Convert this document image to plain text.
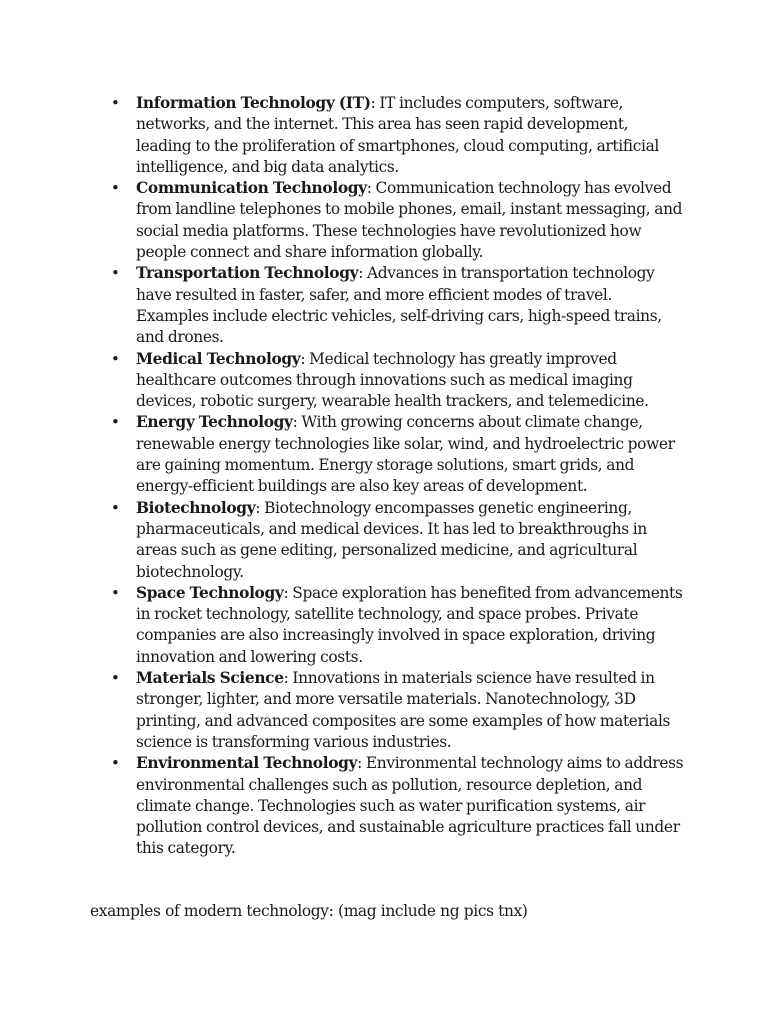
• Information Technology (IT): IT includes computers, software, networks, and the internet. This area has seen rapid development, leading to the proliferation of smartphones, cloud computing, artificial intelligence, and big data analytics.
• Communication Technology: Communication technology has evolved from landline telephones to mobile phones, email, instant messaging, and social media platforms. These technologies have revolutionized how people connect and share information globally.
• Transportation Technology: Advances in transportation technology have resulted in faster, safer, and more efficient modes of travel. Examples include electric vehicles, self-driving cars, high-speed trains, and drones.
• Medical Technology: Medical technology has greatly improved healthcare outcomes through innovations such as medical imaging devices, robotic surgery, wearable health trackers, and telemedicine.
• Energy Technology: With growing concerns about climate change, renewable energy technologies like solar, wind, and hydroelectric power are gaining momentum. Energy storage solutions, smart grids, and energy-efficient buildings are also key areas of development.
• Biotechnology: Biotechnology encompasses genetic engineering, pharmaceuticals, and medical devices. It has led to breakthroughs in areas such as gene editing, personalized medicine, and agricultural biotechnology.
• Space Technology: Space exploration has benefited from advancements in rocket technology, satellite technology, and space probes. Private companies are also increasingly involved in space exploration, driving innovation and lowering costs.
• Materials Science: Innovations in materials science have resulted in stronger, lighter, and more versatile materials. Nanotechnology, 3D printing, and advanced composites are some examples of how materials science is transforming various industries.
• Environmental Technology: Environmental technology aims to address environmental challenges such as pollution, resource depletion, and climate change. Technologies such as water purification systems, air pollution control devices, and sustainable agriculture practices fall under this category.

examples of modern technology: (mag include ng pics tnx)
